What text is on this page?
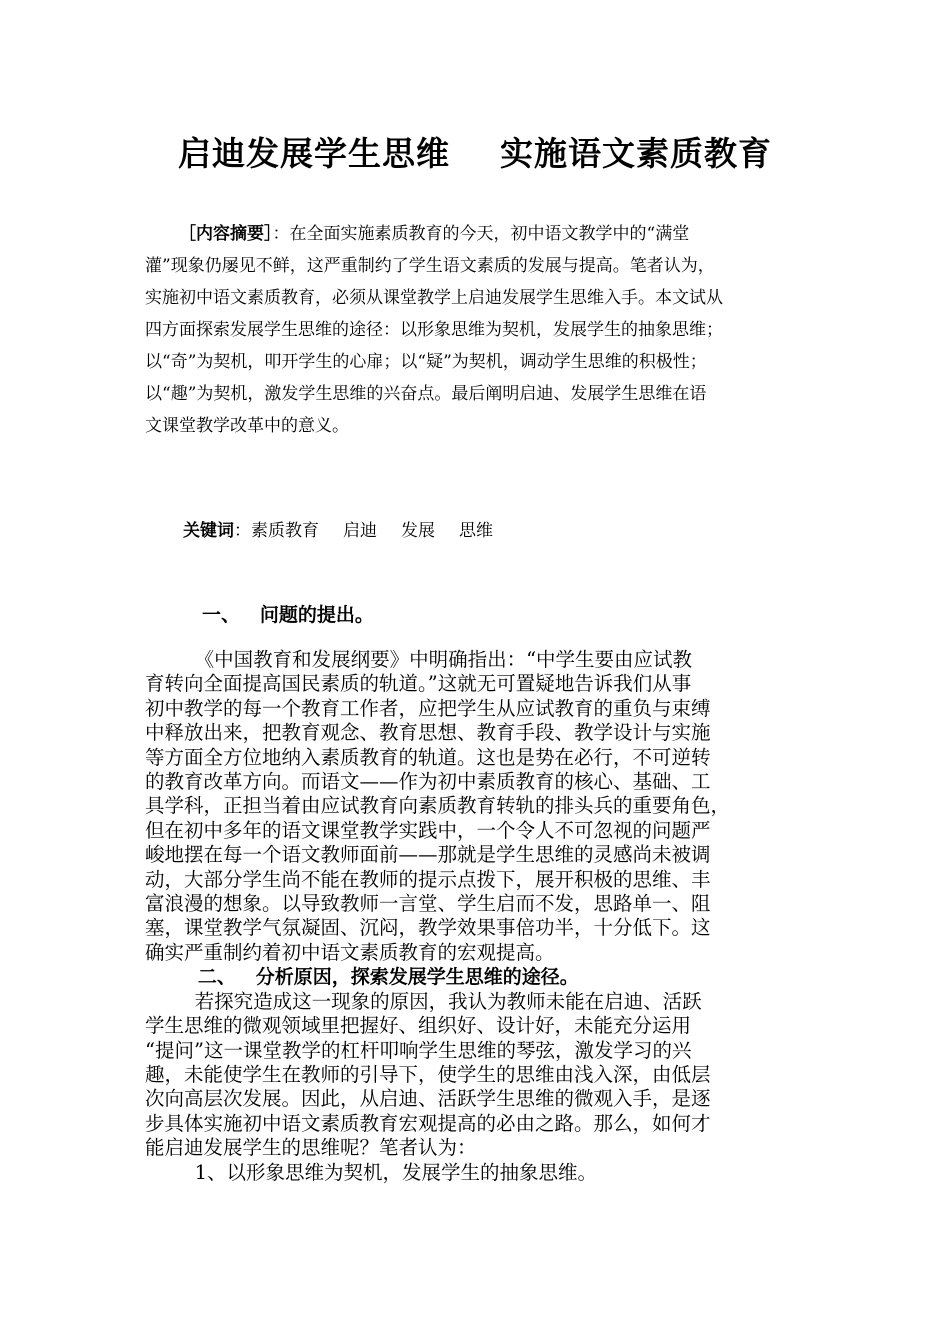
启迪发展学生思维    实施语文素质教育
［内容摘要］：在全面实施素质教育的今天，初中语文教学中的“满堂
灌”现象仍屡见不鲜，这严重制约了学生语文素质的发展与提高。笔者认为，
实施初中语文素质教育，必须从课堂教学上启迪发展学生思维入手。本文试从
四方面探索发展学生思维的途径：以形象思维为契机，发展学生的抽象思维；
以“奇”为契机，叩开学生的心扉；以“疑”为契机，调动学生思维的积极性；
以“趣”为契机，激发学生思维的兴奋点。最后阐明启迪、发展学生思维在语
文课堂教学改革中的意义。
关键词：素质教育 启迪 发展 思维
一、   问题的提出。
《中国教育和发展纲要》中明确指出：“中学生要由应试教
育转向全面提高国民素质的轨道。”这就无可置疑地告诉我们从事
初中教学的每一个教育工作者，应把学生从应试教育的重负与束缚
中释放出来，把教育观念、教育思想、教育手段、教学设计与实施
等方面全方位地纳入素质教育的轨道。这也是势在必行，不可逆转
的教育改革方向。而语文——作为初中素质教育的核心、基础、工
具学科，正担当着由应试教育向素质教育转轨的排头兵的重要角色，
但在初中多年的语文课堂教学实践中，一个令人不可忽视的问题严
峻地摆在每一个语文教师面前——那就是学生思维的灵感尚未被调
动，大部分学生尚不能在教师的提示点拨下，展开积极的思维、丰
富浪漫的想象。以导致教师一言堂、学生启而不发，思路单一、阻
塞，课堂教学气氛凝固、沉闷，教学效果事倍功半，十分低下。这
确实严重制约着初中语文素质教育的宏观提高。
二、   分析原因，探索发展学生思维的途径。
若探究造成这一现象的原因，我认为教师未能在启迪、活跃
学生思维的微观领域里把握好、组织好、设计好，未能充分运用
“提问”这一课堂教学的杠杆叩响学生思维的琴弦，激发学习的兴
趣，未能使学生在教师的引导下，使学生的思维由浅入深，由低层
次向高层次发展。因此，从启迪、活跃学生思维的微观入手，是逐
步具体实施初中语文素质教育宏观提高的必由之路。那么，如何才
能启迪发展学生的思维呢？笔者认为：
1、以形象思维为契机，发展学生的抽象思维。
